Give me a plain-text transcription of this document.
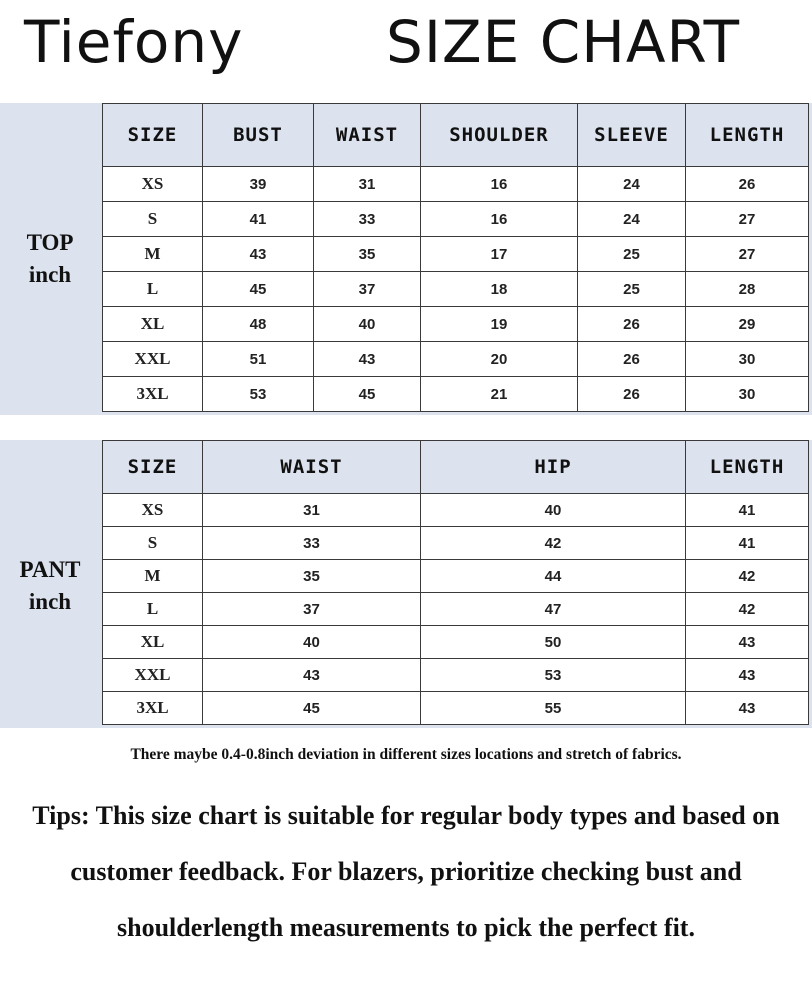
Tiefony SIZE CHART
TOP
inch
SIZE	BUST	WAIST	SHOULDER	SLEEVE	LENGTH
XS	39	31	16	24	26
S	41	33	16	24	27
M	43	35	17	25	27
L	45	37	18	25	28
XL	48	40	19	26	29
XXL	51	43	20	26	30
3XL	53	45	21	26	30
PANT
inch
SIZE	WAIST	HIP	LENGTH
XS	31	40	41
S	33	42	41
M	35	44	42
L	37	47	42
XL	40	50	43
XXL	43	53	43
3XL	45	55	43
There maybe 0.4-0.8inch deviation in different sizes locations and stretch of fabrics.
Tips: This size chart is suitable for regular body types and based on customer feedback. For blazers, prioritize checking bust and shoulderlength measurements to pick the perfect fit.
